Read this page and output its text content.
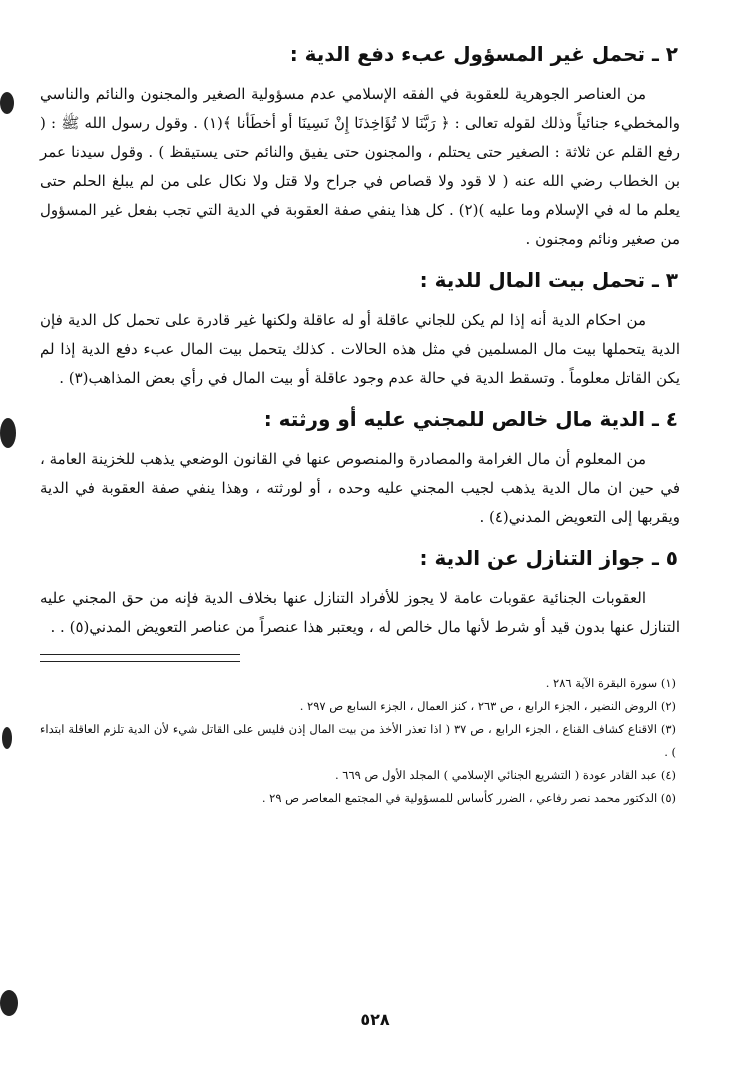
٢ ـ تحمل غير المسؤول عبء دفع الدية :

من العناصر الجوهرية للعقوبة في الفقه الإسلامي عدم مسؤولية الصغير والمجنون والنائم والناسي والمخطيء جنائياً وذلك لقوله تعالى : ﴿ رَبَّنَا لا تُؤَاخِذنَا إِنْ نَسِينَا أو أخطَأنا ﴾(١) . وقول رسول الله ﷺ : ( رفع القلم عن ثلاثة : الصغير حتى يحتلم ، والمجنون حتى يفيق والنائم حتى يستيقظ ) . وقول سيدنا عمر بن الخطاب رضي الله عنه ( لا قود ولا قصاص في جراح ولا قتل ولا نكال على من لم يبلغ الحلم حتى يعلم ما له في الإسلام وما عليه )(٢) . كل هذا ينفي صفة العقوبة في الدية التي تجب بفعل غير المسؤول من صغير ونائم ومجنون .

٣ ـ تحمل بيت المال للدية :

من احكام الدية أنه إذا لم يكن للجاني عاقلة أو له عاقلة ولكنها غير قادرة على تحمل كل الدية فإن الدية يتحملها بيت مال المسلمين في مثل هذه الحالات . كذلك يتحمل بيت المال عبء دفع الدية إذا لم يكن القاتل معلوماً . وتسقط الدية في حالة عدم وجود عاقلة أو بيت المال في رأي بعض المذاهب(٣) .

٤ ـ الدية مال خالص للمجني عليه أو ورثته :

من المعلوم أن مال الغرامة والمصادرة والمنصوص عنها في القانون الوضعي يذهب للخزينة العامة ، في حين ان مال الدية يذهب لجيب المجني عليه وحده ، أو لورثته ، وهذا ينفي صفة العقوبة في الدية ويقربها إلى التعويض المدني(٤) .

٥ ـ جواز التنازل عن الدية :

العقوبات الجنائية عقوبات عامة لا يجوز للأفراد التنازل عنها بخلاف الدية فإنه من حق المجني عليه التنازل عنها بدون قيد أو شرط لأنها مال خالص له ، ويعتبر هذا عنصراً من عناصر التعويض المدني(٥) . .

(١) سورة البقرة الآية ٢٨٦ .

(٢) الروض النضير ، الجزء الرابع ، ص ٢٦٣ ، كنز العمال ، الجزء السابع ص ٢٩٧ .

(٣) الاقناع كشاف القناع ، الجزء الرابع ، ص ٣٧ ( اذا تعذر الأخذ من بيت المال إذن فليس على القاتل شيء لأن الدية تلزم العاقلة ابتداء ) .

(٤) عبد القادر عودة ( التشريع الجنائي الإسلامي ) المجلد الأول ص ٦٦٩ .

(٥) الدكتور محمد نصر رفاعي ، الضرر كأساس للمسؤولية في المجتمع المعاصر ص ٢٩ .

٥٢٨
